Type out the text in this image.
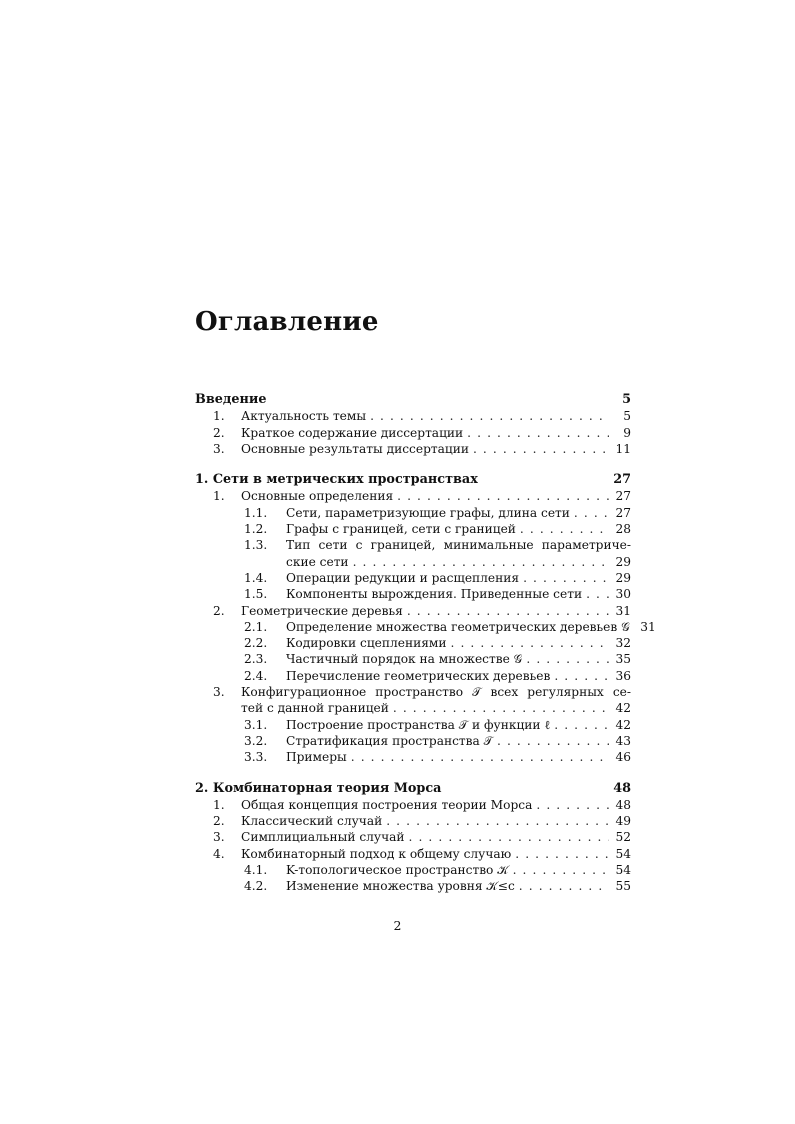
Оглавление
Введение	5
1.	Актуальность темы . . .	5
2.	Краткое содержание диссертации . . .	9
3.	Основные результаты диссертации . . .	11
1. Сети в метрических пространствах	27
1.	Основные определения . . .	27
1.1.	Сети, параметризующие графы, длина сети . . .	27
1.2.	Графы с границей, сети с границей . . .	28
1.3.	Тип сети с границей, минимальные параметриче-
ские сети . . .	29
1.4.	Операции редукции и расщепления . . .	29
1.5.	Компоненты вырождения. Приведенные сети . . .	30
2.	Геометрические деревья . . .	31
2.1.	Определение множества геометрических деревьев 𝒢 31
2.2.	Кодировки сцеплениями . . .	32
2.3.	Частичный порядок на множестве 𝒢 . . .	35
2.4.	Перечисление геометрических деревьев . . .	36
3.	Конфигурационное пространство 𝒯 всех регулярных се-
тей с данной границей . . .	42
3.1.	Построение пространства 𝒯 и функции ℓ . . .	42
3.2.	Стратификация пространства 𝒯 . . .	43
3.3.	Примеры . . .	46
2. Комбинаторная теория Морса	48
1.	Общая концепция построения теории Морса . . .	48
2.	Классический случай . . .	49
3.	Симплициальный случай . . .	52
4.	Комбинаторный подход к общему случаю . . .	54
4.1.	K-топологическое пространство 𝒦 . . .	54
4.2.	Изменение множества уровня 𝒦≤c . . .	55
2
